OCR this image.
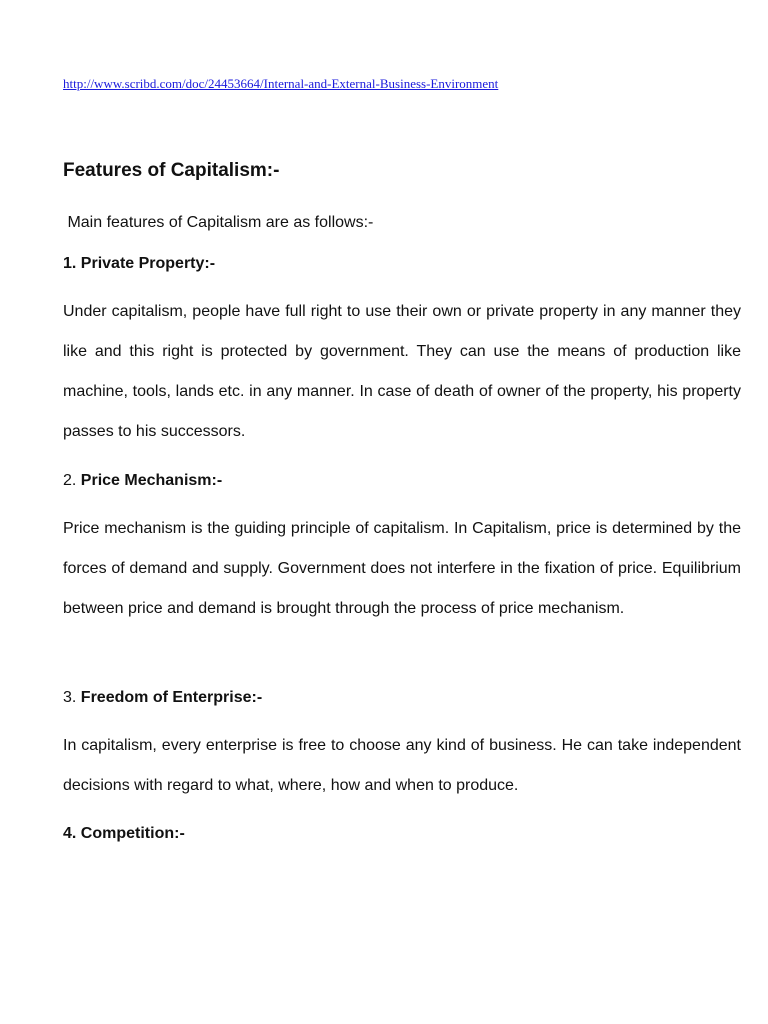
http://www.scribd.com/doc/24453664/Internal-and-External-Business-Environment
Features of Capitalism:-

Main features of Capitalism are as follows:-

1. Private Property:-

Under capitalism, people have full right to use their own or private property in any manner they like and this right is protected by government. They can use the means of production like machine, tools, lands etc. in any manner. In case of death of owner of the property, his property passes to his successors.

2. Price Mechanism:-

Price mechanism is the guiding principle of capitalism. In Capitalism, price is determined by the forces of demand and supply. Government does not interfere in the fixation of price. Equilibrium between price and demand is brought through the process of price mechanism.

3. Freedom of Enterprise:-

In capitalism, every enterprise is free to choose any kind of business. He can take independent decisions with regard to what, where, how and when to produce.

4. Competition:-
